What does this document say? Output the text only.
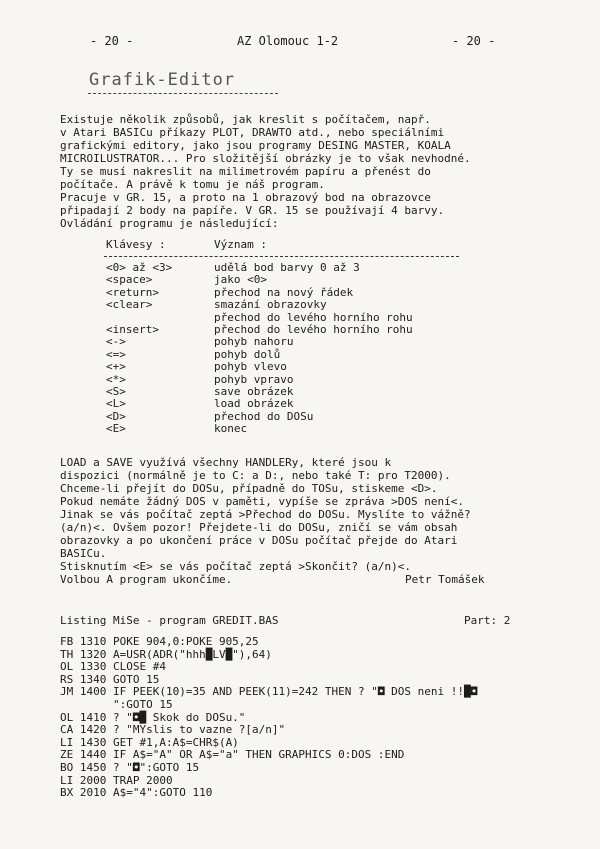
- 20 -	AZ Olomouc 1-2	- 20 -
Grafik-Editor
Existuje několik způsobů, jak kreslit s počítačem, např.
v Atari BASICu příkazy PLOT, DRAWTO atd., nebo speciálními
grafickými editory, jako jsou programy DESING MASTER, KOALA
MICROILUSTRATOR... Pro složitější obrázky je to však nevhodné.
Ty se musí nakreslit na milimetrovém papíru a přenést do
počítače. A právě k tomu je náš program.
Pracuje v GR. 15, a proto na 1 obrazový bod na obrazovce
připadají 2 body na papíře. V GR. 15 se používají 4 barvy.
Ovládání programu je následující:
Klávesy :	Význam :
<0> až <3>	udělá bod barvy 0 až 3
<space>	jako <0>
<return>	přechod na nový řádek
<clear>	smazání obrazovky
přechod do levého horního rohu
<insert>	přechod do levého horního rohu
<->	pohyb nahoru
<=>	pohyb dolů
<+>	pohyb vlevo
<*>	pohyb vpravo
<S>	save obrázek
<L>	load obrázek
<D>	přechod do DOSu
<E>	konec
LOAD a SAVE využívá všechny HANDLERy, které jsou k
dispozici (normálně je to C: a D:, nebo také T: pro T2000).
Chceme-li přejít do DOSu, případně do TOSu, stiskeme <D>.
Pokud nemáte žádný DOS v paměti, vypíše se zpráva >DOS není<.
Jinak se vás počítač zeptá >Přechod do DOSu. Myslíte to vážně?
(a/n)<. Ovšem pozor! Přejdete-li do DOSu, zničí se vám obsah
obrazovky a po ukončení práce v DOSu počítač přejde do Atari
BASICu.
Stisknutím <E> se vás počítač zeptá >Skončit? (a/n)<.
Volbou A program ukončíme.	Petr Tomášek
Listing MiSe - program GREDIT.BAS	Part: 2
FB 1310 POKE 904,0:POKE 905,25
TH 1320 A=USR(ADR("hhh█LV█"),64)
OL 1330 CLOSE #4
RS 1340 GOTO 15
JM 1400 IF PEEK(10)=35 AND PEEK(11)=242 THEN ? "◘ DOS neni !!█◘
":GOTO 15
OL 1410 ? "◘█ Skok do DOSu."
CA 1420 ? "MYslis to vazne ?[a/n]"
LI 1430 GET #1,A:A$=CHR$(A)
ZE 1440 IF A$="A" OR A$="a" THEN GRAPHICS 0:DOS :END
BO 1450 ? "◘":GOTO 15
LI 2000 TRAP 2000
BX 2010 A$="4":GOTO 110
